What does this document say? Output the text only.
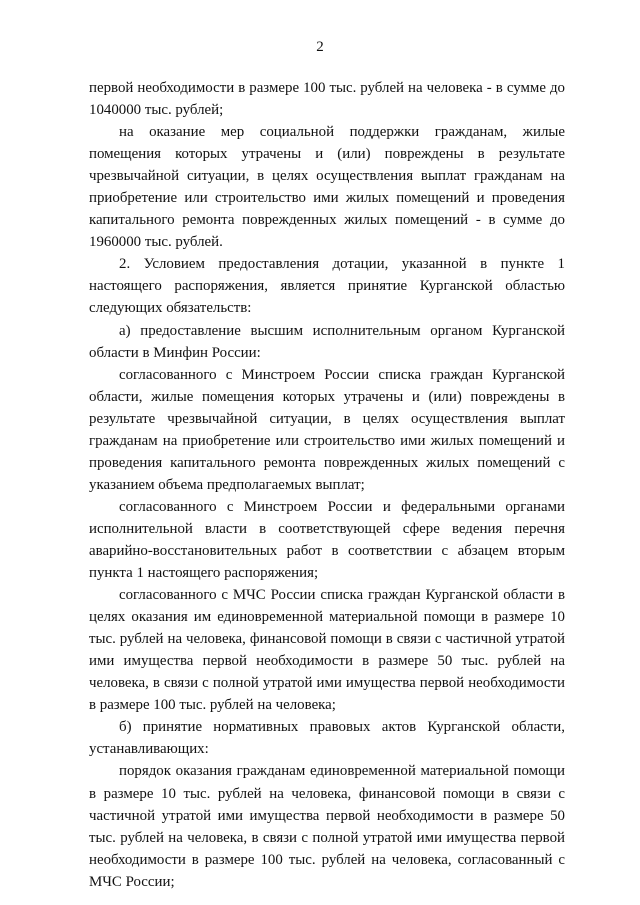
2

первой необходимости в размере 100 тыс. рублей на человека - в сумме до 1040000 тыс. рублей;

на оказание мер социальной поддержки гражданам, жилые помещения которых утрачены и (или) повреждены в результате чрезвычайной ситуации, в целях осуществления выплат гражданам на приобретение или строительство ими жилых помещений и проведения капитального ремонта поврежденных жилых помещений - в сумме до 1960000 тыс. рублей.

2. Условием предоставления дотации, указанной в пункте 1 настоящего распоряжения, является принятие Курганской областью следующих обязательств:

а) предоставление высшим исполнительным органом Курганской области в Минфин России:

согласованного с Минстроем России списка граждан Курганской области, жилые помещения которых утрачены и (или) повреждены в результате чрезвычайной ситуации, в целях осуществления выплат гражданам на приобретение или строительство ими жилых помещений и проведения капитального ремонта поврежденных жилых помещений с указанием объема предполагаемых выплат;

согласованного с Минстроем России и федеральными органами исполнительной власти в соответствующей сфере ведения перечня аварийно-восстановительных работ в соответствии с абзацем вторым пункта 1 настоящего распоряжения;

согласованного с МЧС России списка граждан Курганской области в целях оказания им единовременной материальной помощи в размере 10 тыс. рублей на человека, финансовой помощи в связи с частичной утратой ими имущества первой необходимости в размере 50 тыс. рублей на человека, в связи с полной утратой ими имущества первой необходимости в размере 100 тыс. рублей на человека;

б) принятие нормативных правовых актов Курганской области, устанавливающих:

порядок оказания гражданам единовременной материальной помощи в размере 10 тыс. рублей на человека, финансовой помощи в связи с частичной утратой ими имущества первой необходимости в размере 50 тыс. рублей на человека, в связи с полной утратой ими имущества первой необходимости в размере 100 тыс. рублей на человека, согласованный с МЧС России;
